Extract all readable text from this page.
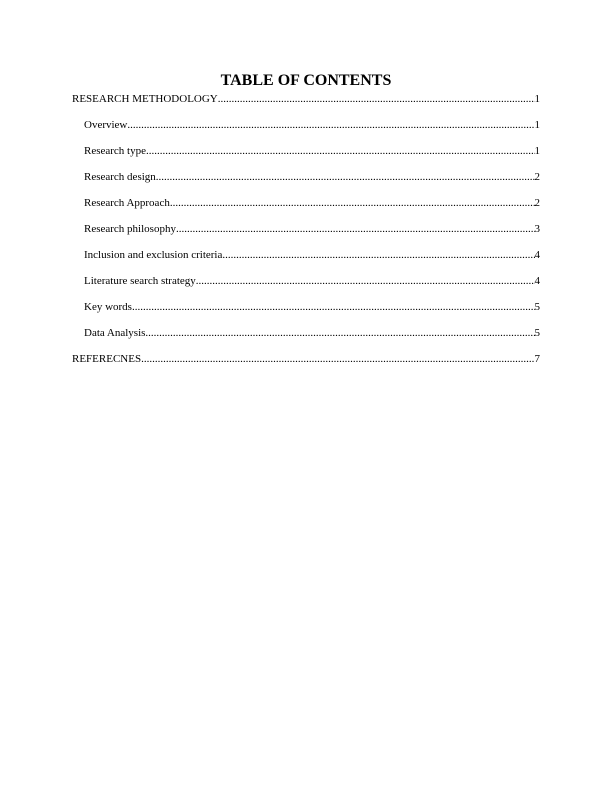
TABLE OF CONTENTS
RESEARCH METHODOLOGY .....	1
Overview .....	1
Research type .....	1
Research design .....	2
Research Approach .....	2
Research philosophy .....	3
Inclusion and exclusion criteria .....	4
Literature search strategy .....	4
Key words .....	5
Data Analysis .....	5
REFERECNES .....	7
